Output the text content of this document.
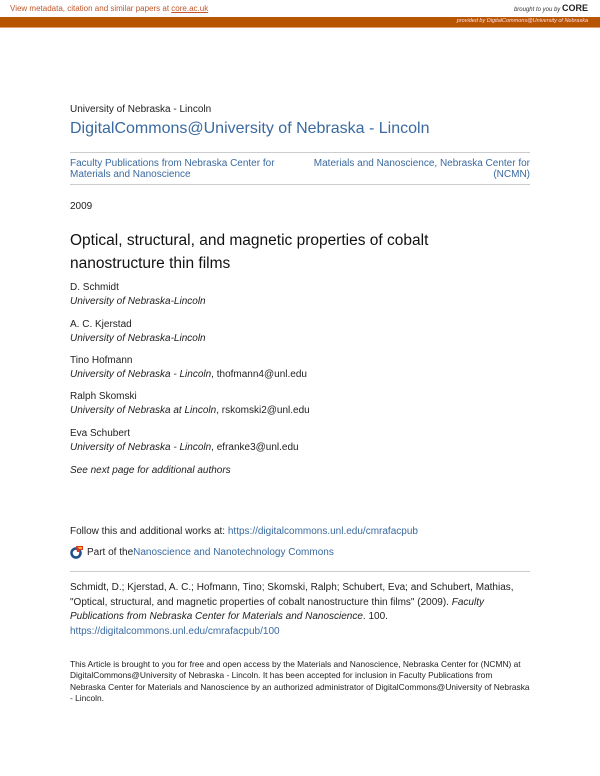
View metadata, citation and similar papers at core.ac.uk	brought to you by CORE
provided by DigitalCommons@University of Nebraska
University of Nebraska - Lincoln
DigitalCommons@University of Nebraska - Lincoln
Faculty Publications from Nebraska Center for Materials and Nanoscience
Materials and Nanoscience, Nebraska Center for (NCMN)
2009
Optical, structural, and magnetic properties of cobalt nanostructure thin films
D. Schmidt
University of Nebraska-Lincoln
A. C. Kjerstad
University of Nebraska-Lincoln
Tino Hofmann
University of Nebraska - Lincoln, thofmann4@unl.edu
Ralph Skomski
University of Nebraska at Lincoln, rskomski2@unl.edu
Eva Schubert
University of Nebraska - Lincoln, efranke3@unl.edu
See next page for additional authors
Follow this and additional works at: https://digitalcommons.unl.edu/cmrafacpub
Part of the Nanoscience and Nanotechnology Commons
Schmidt, D.; Kjerstad, A. C.; Hofmann, Tino; Skomski, Ralph; Schubert, Eva; and Schubert, Mathias, "Optical, structural, and magnetic properties of cobalt nanostructure thin films" (2009). Faculty Publications from Nebraska Center for Materials and Nanoscience. 100.
https://digitalcommons.unl.edu/cmrafacpub/100
This Article is brought to you for free and open access by the Materials and Nanoscience, Nebraska Center for (NCMN) at DigitalCommons@University of Nebraska - Lincoln. It has been accepted for inclusion in Faculty Publications from Nebraska Center for Materials and Nanoscience by an authorized administrator of DigitalCommons@University of Nebraska - Lincoln.
